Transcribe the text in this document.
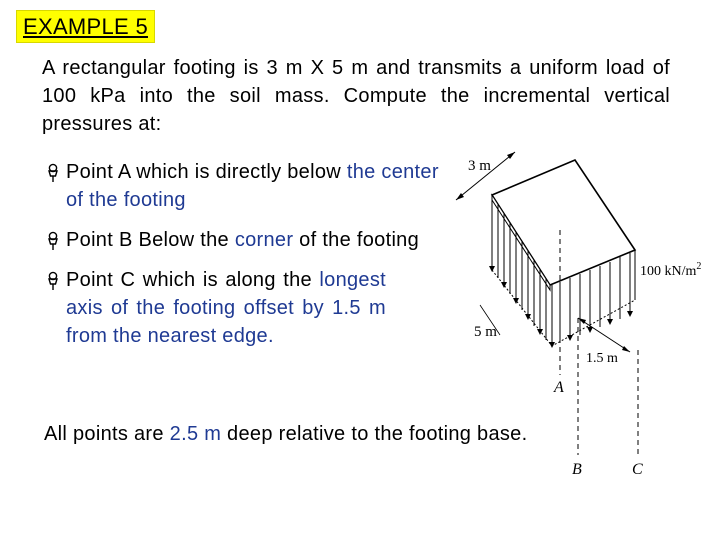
EXAMPLE 5
A rectangular footing is 3 m X 5 m and transmits a uniform load of 100 kPa into the soil mass. Compute the incremental vertical pressures at:
Point A which is directly below the center of the footing
Point B Below the corner of the footing
Point C which is along the longest axis of the footing offset by 1.5 m from the nearest edge.
All points are 2.5 m deep relative to the footing base.
3 m
5 m
100 $kN/m^2$
1.5 m
A
B	C
